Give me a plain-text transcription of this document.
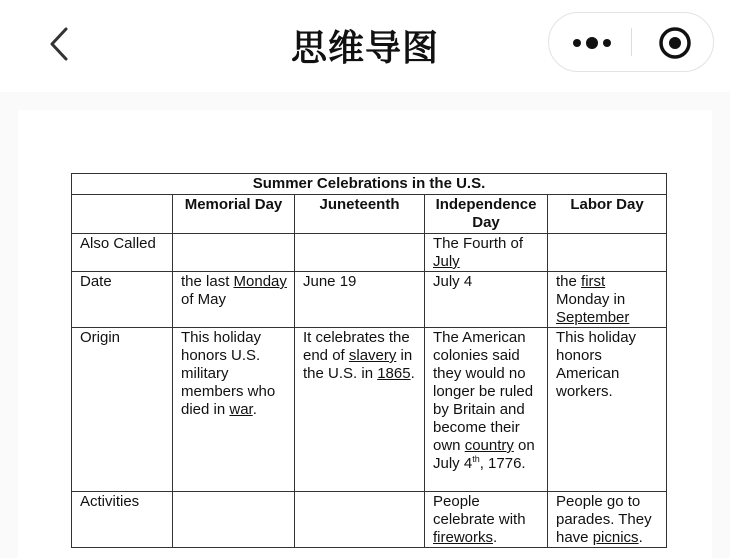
思维导图
Summer Celebrations in the U.S.				
	Memorial Day	Juneteenth	Independence Day	Labor Day
Also Called			The Fourth of July	
Date	the last Monday of May	June 19	July 4	the first Monday in September
Origin	This holiday honors U.S. military members who died in war.	It celebrates the end of slavery in the U.S. in 1865.	The American colonies said they would no longer be ruled by Britain and become their own country on July 4th, 1776.	This holiday honors American workers.
Activities			People celebrate with fireworks.	People go to parades. They have picnics.
